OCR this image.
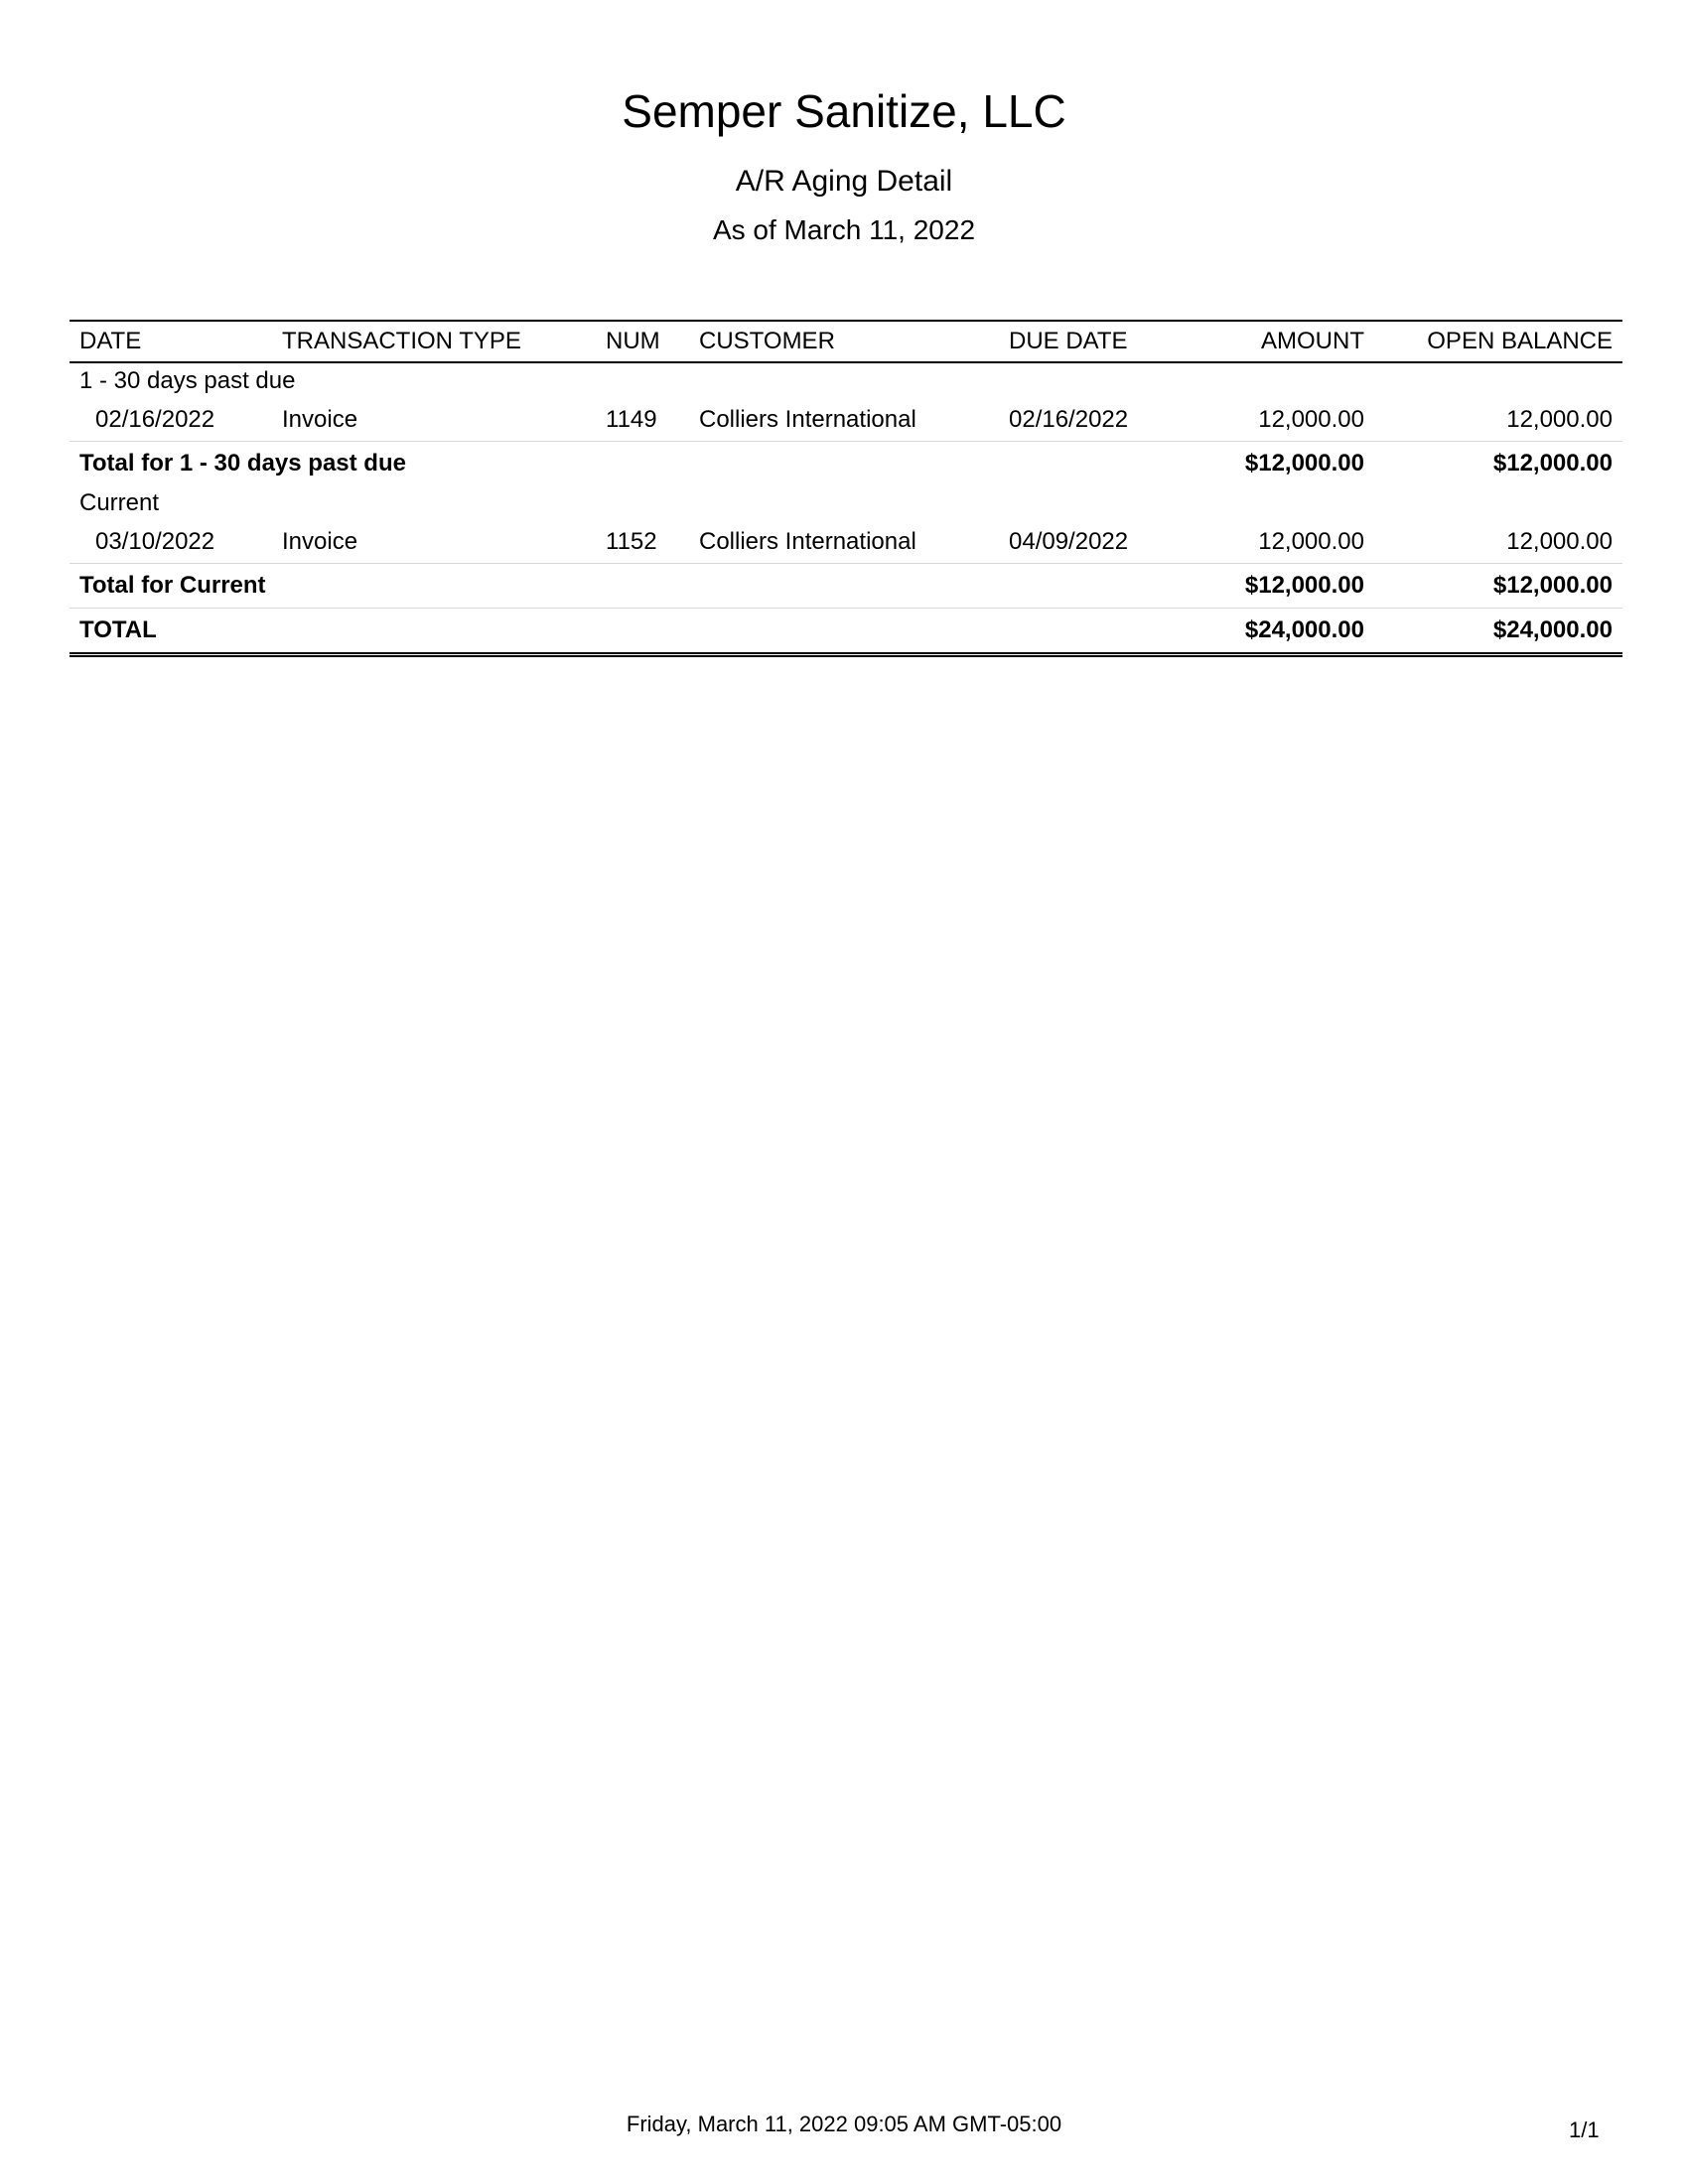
Semper Sanitize, LLC
A/R Aging Detail
As of March 11, 2022
DATE	TRANSACTION TYPE	NUM	CUSTOMER	DUE DATE	AMOUNT	OPEN BALANCE
1 - 30 days past due						
02/16/2022	Invoice	1149	Colliers International	02/16/2022	12,000.00	12,000.00
Total for 1 - 30 days past due					$12,000.00	$12,000.00
Current						
03/10/2022	Invoice	1152	Colliers International	04/09/2022	12,000.00	12,000.00
Total for Current					$12,000.00	$12,000.00
TOTAL					$24,000.00	$24,000.00
Friday, March 11, 2022 09:05 AM GMT-05:00	1/1
